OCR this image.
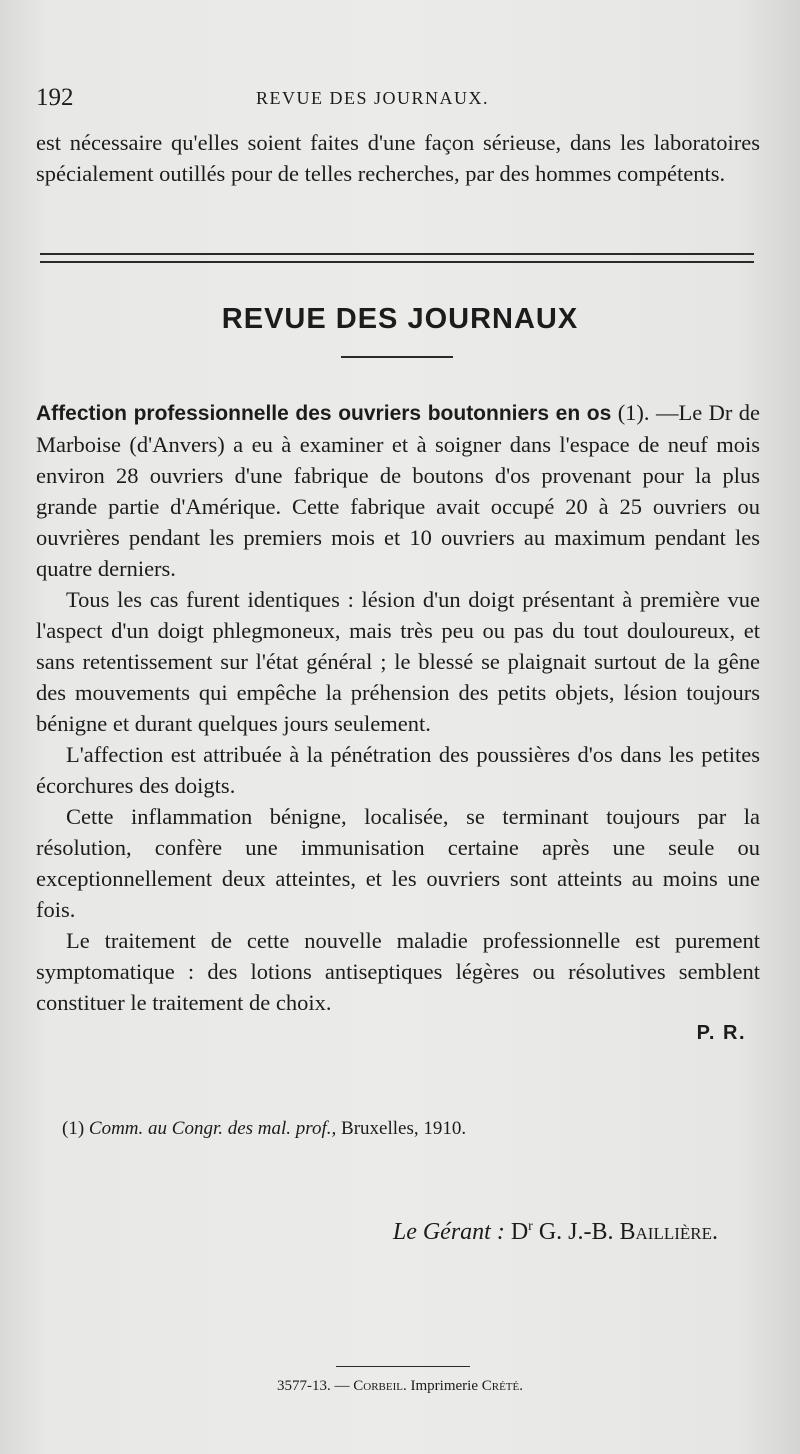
192	REVUE DES JOURNAUX.

est nécessaire qu'elles soient faites d'une façon sérieuse, dans les laboratoires spécialement outillés pour de telles recherches, par des hommes compétents.

REVUE DES JOURNAUX

Affection professionnelle des ouvriers boutonniers en os (1). —Le Dr de Marboise (d'Anvers) a eu à examiner et à soigner dans l'espace de neuf mois environ 28 ouvriers d'une fabrique de boutons d'os provenant pour la plus grande partie d'Amérique. Cette fabrique avait occupé 20 à 25 ouvriers ou ouvrières pendant les premiers mois et 10 ouvriers au maximum pendant les quatre derniers.

Tous les cas furent identiques : lésion d'un doigt présentant à première vue l'aspect d'un doigt phlegmoneux, mais très peu ou pas du tout douloureux, et sans retentissement sur l'état général ; le blessé se plaignait surtout de la gêne des mouvements qui empêche la préhension des petits objets, lésion toujours bénigne et durant quelques jours seulement.

L'affection est attribuée à la pénétration des poussières d'os dans les petites écorchures des doigts.

Cette inflammation bénigne, localisée, se terminant toujours par la résolution, confère une immunisation certaine après une seule ou exceptionnellement deux atteintes, et les ouvriers sont atteints au moins une fois.

Le traitement de cette nouvelle maladie professionnelle est purement symptomatique : des lotions antiseptiques légères ou résolutives semblent constituer le traitement de choix.

P. R.

(1) Comm. au Congr. des mal. prof., Bruxelles, 1910.
Le Gérant : $D^r$ G. J.-B. Baillière.
3577-13. — Corbeil. Imprimerie Crété.
